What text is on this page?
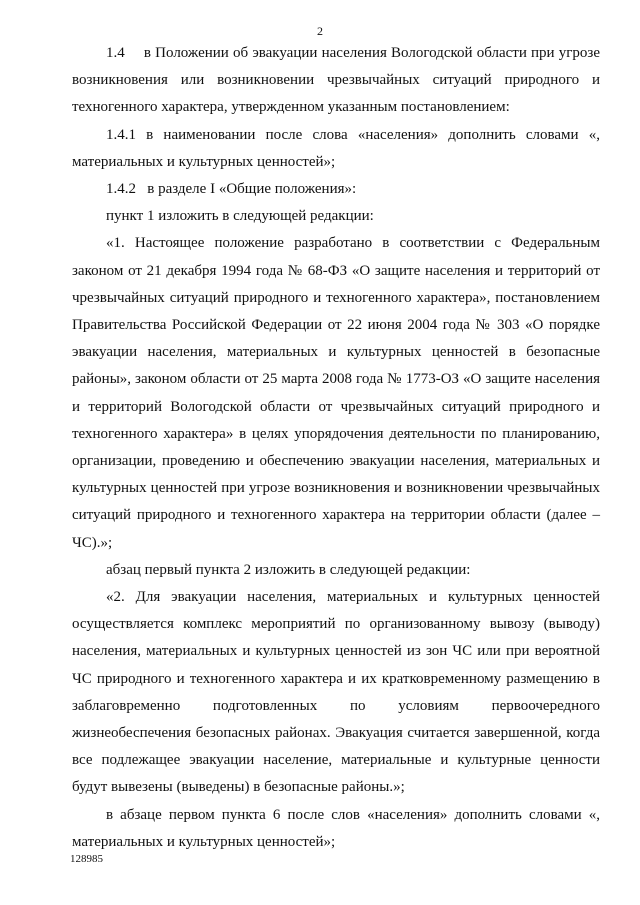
2

1.4  в Положении об эвакуации населения Вологодской области при угрозе возникновения или возникновении чрезвычайных ситуаций природного и техногенного характера, утвержденном указанным постановлением:

1.4.1 в наименовании после слова «населения» дополнить словами «, материальных и культурных ценностей»;

1.4.2  в разделе I «Общие положения»:

пункт 1 изложить в следующей редакции:

«1. Настоящее положение разработано в соответствии с Федеральным законом от 21 декабря 1994 года № 68-ФЗ «О защите населения и территорий от чрезвычайных ситуаций природного и техногенного характера», постановлением Правительства Российской Федерации от 22 июня 2004 года № 303 «О порядке эвакуации населения, материальных и культурных ценностей в безопасные районы», законом области от 25 марта 2008 года № 1773-ОЗ «О защите населения и территорий Вологодской области от чрезвычайных ситуаций природного и техногенного характера» в целях упорядочения деятельности по планированию, организации, проведению и обеспечению эвакуации населения, материальных и культурных ценностей при угрозе возникновения и возникновении чрезвычайных ситуаций природного и техногенного характера на территории области (далее – ЧС).»;

абзац первый пункта 2 изложить в следующей редакции:

«2. Для эвакуации населения, материальных и культурных ценностей осуществляется комплекс мероприятий по организованному вывозу (выводу) населения, материальных и культурных ценностей из зон ЧС или при вероятной ЧС природного и техногенного характера и их кратковременному размещению в заблаговременно подготовленных по условиям первоочередного жизнеобеспечения безопасных районах. Эвакуация считается завершенной, когда все подлежащее эвакуации население, материальные и культурные ценности будут вывезены (выведены) в безопасные районы.»;

в абзаце первом пункта 6 после слов «населения» дополнить словами «, материальных и культурных ценностей»;

128985
